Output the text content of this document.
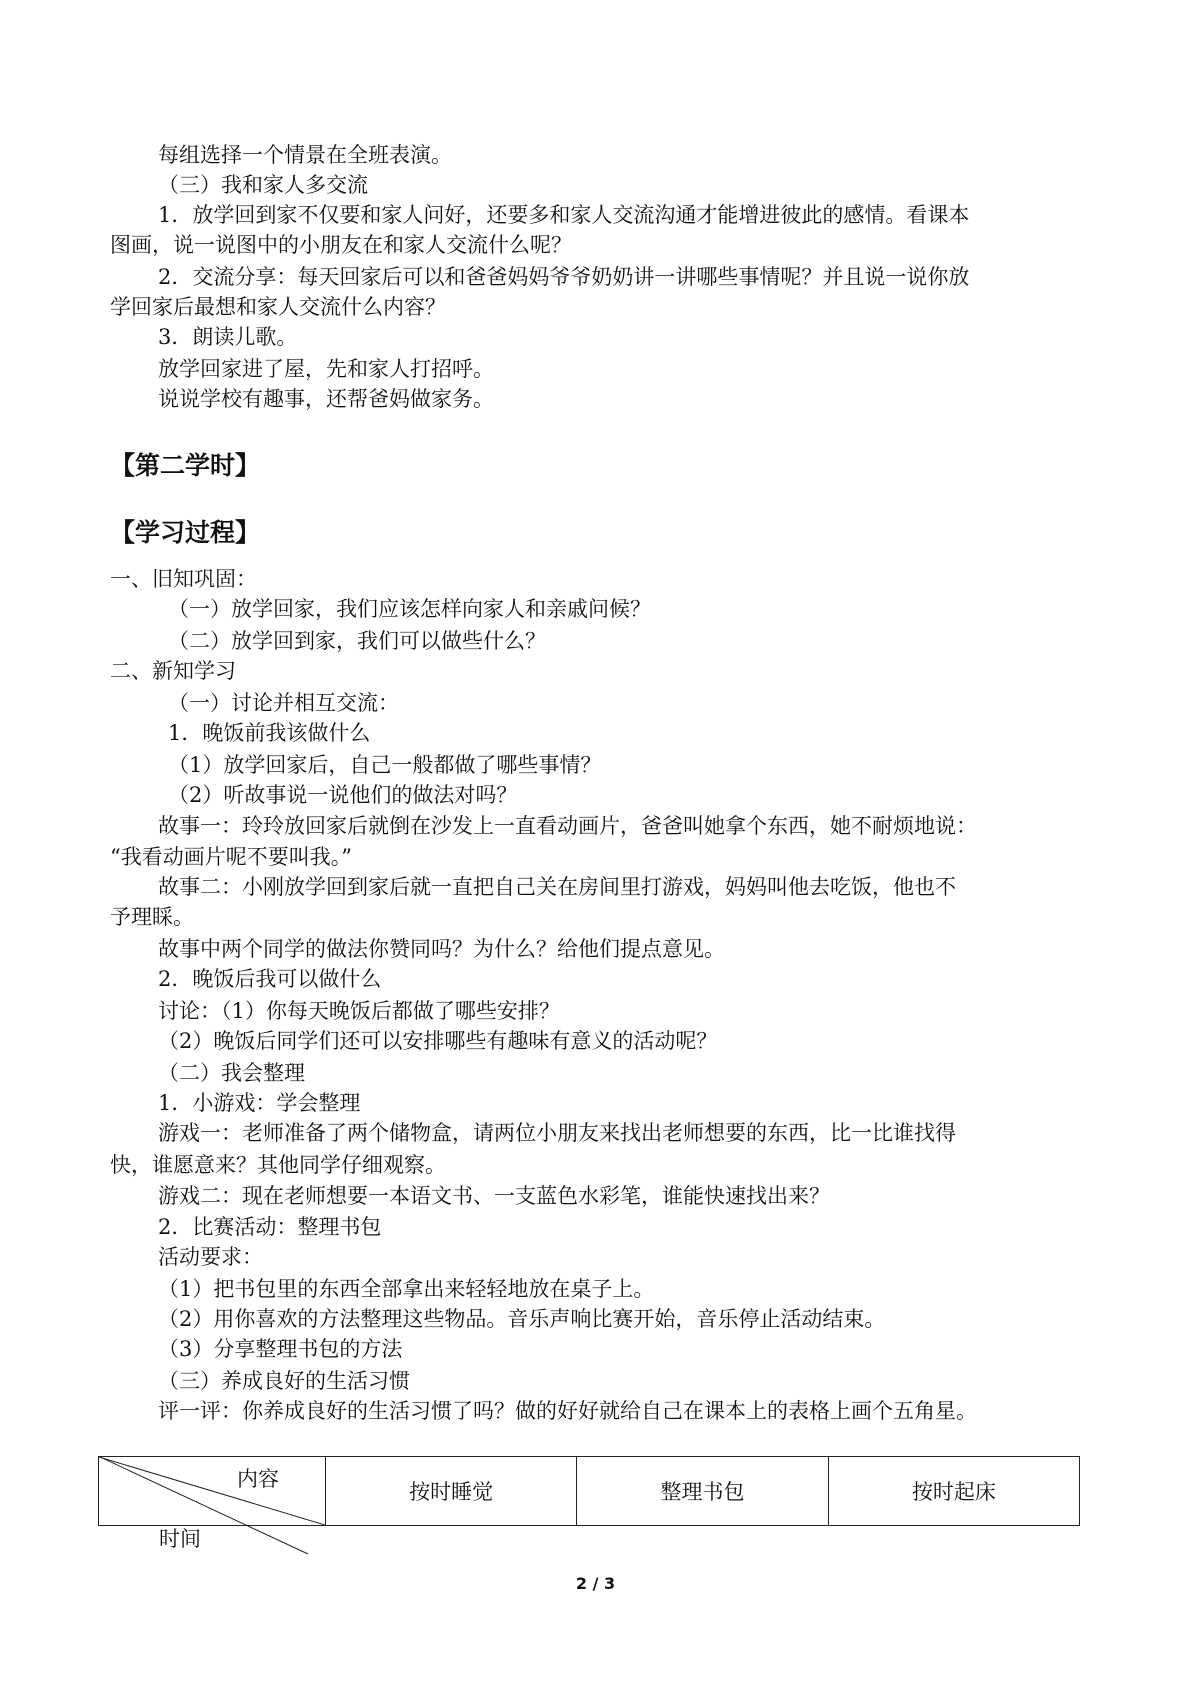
每组选择一个情景在全班表演。
（三）我和家人多交流
1．放学回到家不仅要和家人问好，还要多和家人交流沟通才能增进彼此的感情。看课本
图画，说一说图中的小朋友在和家人交流什么呢？
2．交流分享：每天回家后可以和爸爸妈妈爷爷奶奶讲一讲哪些事情呢？并且说一说你放
学回家后最想和家人交流什么内容？
3．朗读儿歌。
放学回家进了屋，先和家人打招呼。
说说学校有趣事，还帮爸妈做家务。
【第二学时】
【学习过程】
一、旧知巩固：
（一）放学回家，我们应该怎样向家人和亲戚问候？
（二）放学回到家，我们可以做些什么？
二、新知学习
（一）讨论并相互交流：
1．晚饭前我该做什么
（1）放学回家后，自己一般都做了哪些事情？
（2）听故事说一说他们的做法对吗？
故事一：玲玲放回家后就倒在沙发上一直看动画片，爸爸叫她拿个东西，她不耐烦地说：
“我看动画片呢不要叫我。”
故事二：小刚放学回到家后就一直把自己关在房间里打游戏，妈妈叫他去吃饭，他也不
予理睬。
故事中两个同学的做法你赞同吗？为什么？给他们提点意见。
2．晚饭后我可以做什么
讨论：（1）你每天晚饭后都做了哪些安排？
（2）晚饭后同学们还可以安排哪些有趣味有意义的活动呢？
（二）我会整理
1．小游戏：学会整理
游戏一：老师准备了两个储物盒，请两位小朋友来找出老师想要的东西，比一比谁找得
快，谁愿意来？其他同学仔细观察。
游戏二：现在老师想要一本语文书、一支蓝色水彩笔，谁能快速找出来？
2．比赛活动：整理书包
活动要求：
（1）把书包里的东西全部拿出来轻轻地放在桌子上。
（2）用你喜欢的方法整理这些物品。音乐声响比赛开始，音乐停止活动结束。
（3）分享整理书包的方法
（三）养成良好的生活习惯
评一评：你养成良好的生活习惯了吗？做的好好就给自己在课本上的表格上画个五角星。
内容
时间
	按时睡觉	整理书包	按时起床
2 / 3
